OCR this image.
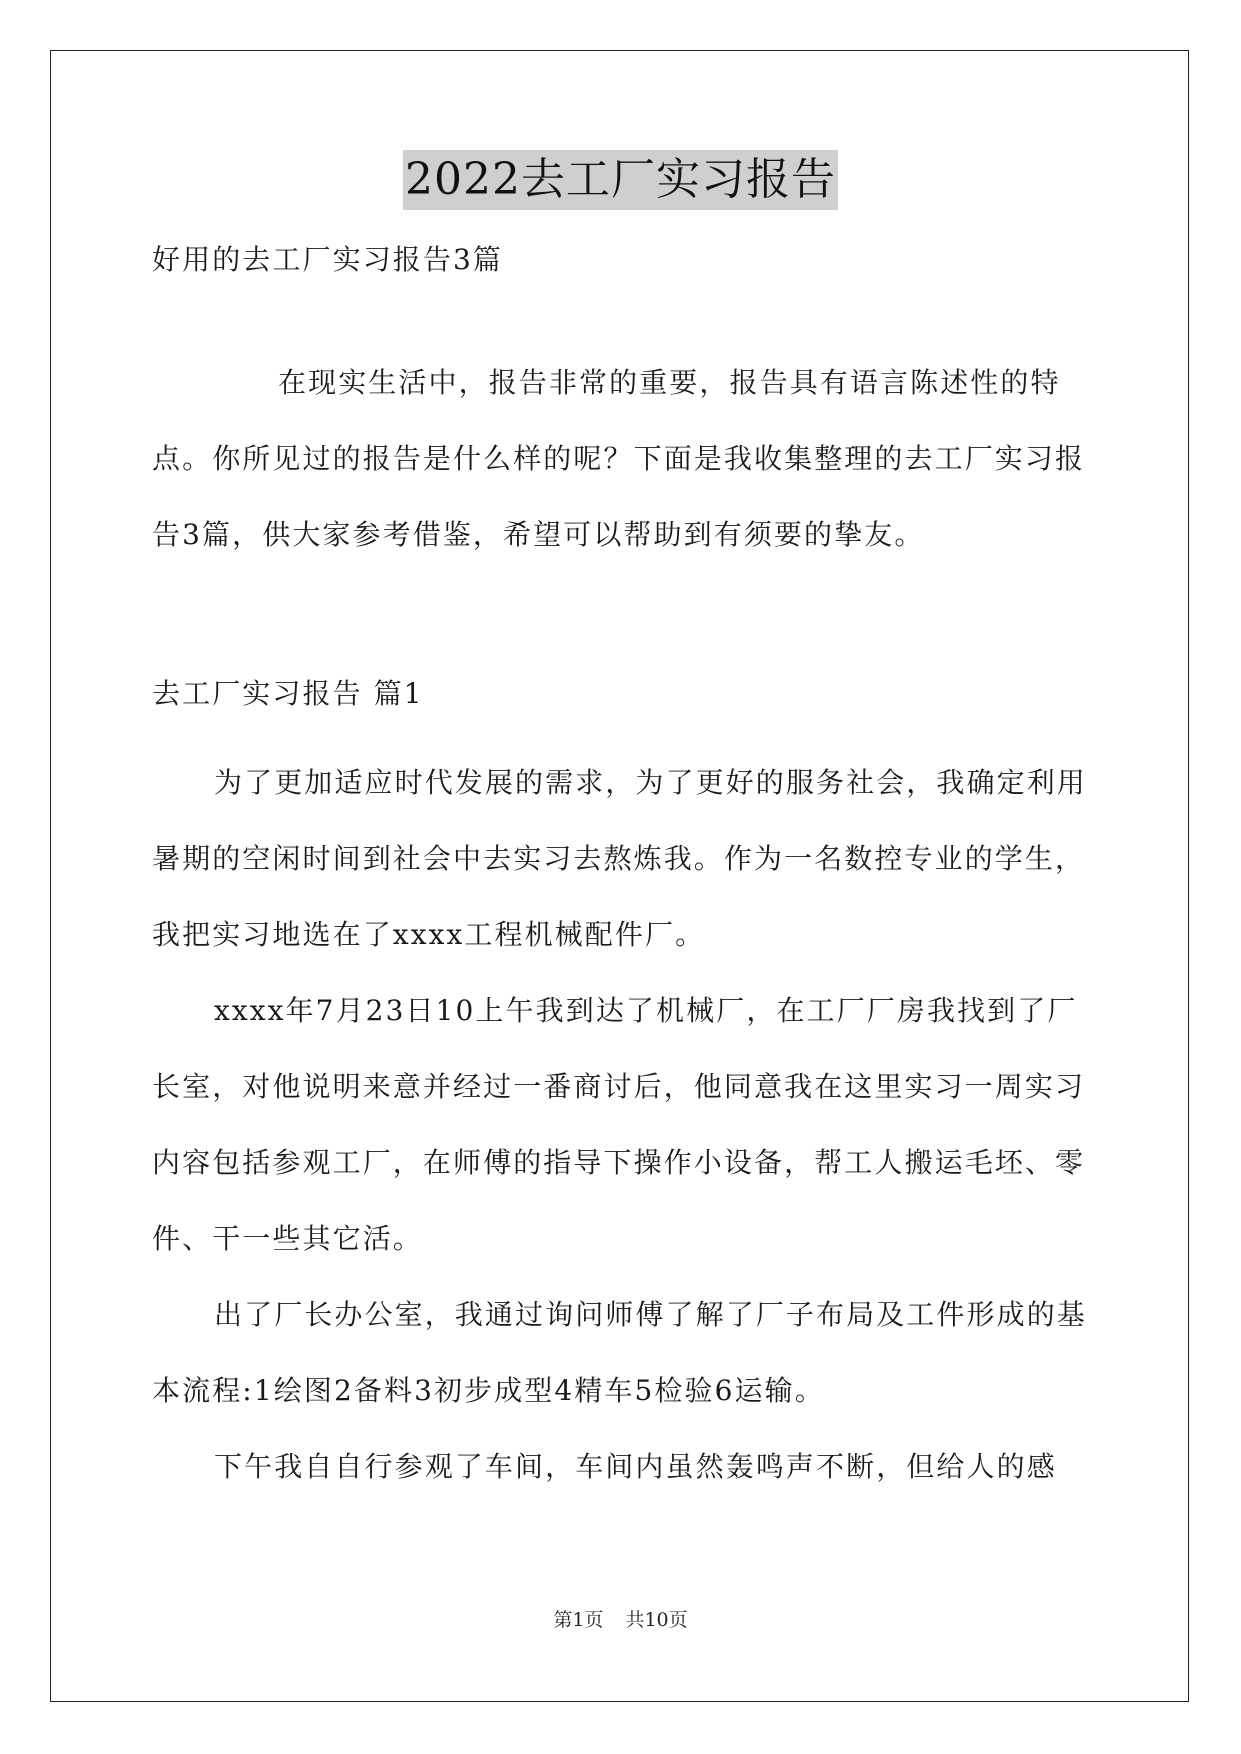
2022去工厂实习报告
好用的去工厂实习报告3篇
在现实生活中，报告非常的重要，报告具有语言陈述性的特点。你所见过的报告是什么样的呢？下面是我收集整理的去工厂实习报告3篇，供大家参考借鉴，希望可以帮助到有须要的挚友。
去工厂实习报告 篇1

为了更加适应时代发展的需求，为了更好的服务社会，我确定利用暑期的空闲时间到社会中去实习去熬炼我。作为一名数控专业的学生，我把实习地选在了xxxx工程机械配件厂。

xxxx年7月23日10上午我到达了机械厂，在工厂厂房我找到了厂长室，对他说明来意并经过一番商讨后，他同意我在这里实习一周实习内容包括参观工厂，在师傅的指导下操作小设备，帮工人搬运毛坯、零件、干一些其它活。

出了厂长办公室，我通过询问师傅了解了厂子布局及工件形成的基本流程:1绘图2备料3初步成型4精车5检验6运输。

下午我自自行参观了车间，车间内虽然轰鸣声不断，但给人的感

第1页 共10页
